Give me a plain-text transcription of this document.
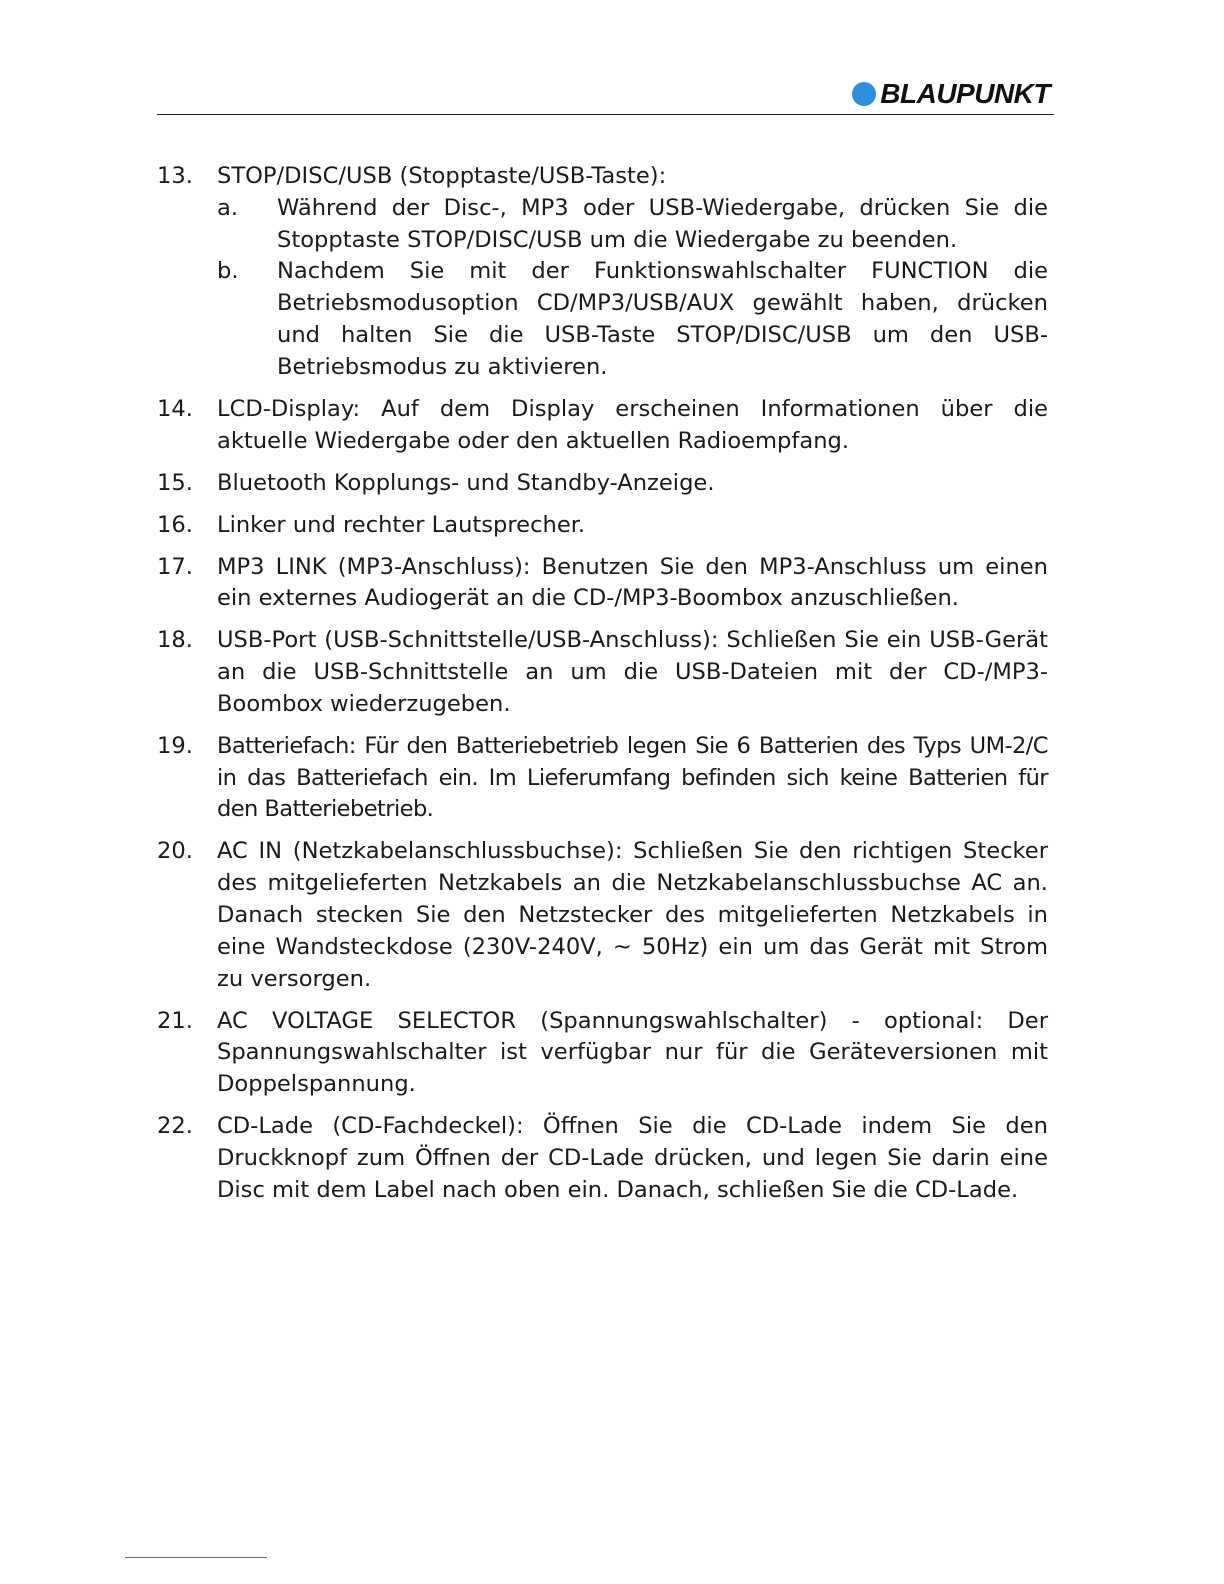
BLAUPUNKT
13.	STOP/DISC/USB (Stopptaste/USB-Taste):
a.	Während der Disc-, MP3 oder USB-Wiedergabe, drücken Sie die Stopptaste STOP/DISC/USB um die Wiedergabe zu beenden.
b.	Nachdem Sie mit der Funktionswahlschalter FUNCTION die Betriebsmodusoption CD/MP3/USB/AUX gewählt haben, drücken und halten Sie die USB-Taste STOP/DISC/USB um den USB-Betriebsmodus zu aktivieren.
14.	LCD-Display: Auf dem Display erscheinen Informationen über die aktuelle Wiedergabe oder den aktuellen Radioempfang.
15.	Bluetooth Kopplungs- und Standby-Anzeige.
16.	Linker und rechter Lautsprecher.
17.	MP3 LINK (MP3-Anschluss): Benutzen Sie den MP3-Anschluss um einen ein externes Audiogerät an die CD-/MP3-Boombox anzuschließen.
18.	USB-Port (USB-Schnittstelle/USB-Anschluss): Schließen Sie ein USB-Gerät an die USB-Schnittstelle an um die USB-Dateien mit der CD-/MP3-Boombox wiederzugeben.
19.	Batteriefach: Für den Batteriebetrieb legen Sie 6 Batterien des Typs UM-2/C in das Batteriefach ein. Im Lieferumfang befinden sich keine Batterien für den Batteriebetrieb.
20.	AC IN (Netzkabelanschlussbuchse): Schließen Sie den richtigen Stecker des mitgelieferten Netzkabels an die Netzkabelanschlussbuchse AC an. Danach stecken Sie den Netzstecker des mitgelieferten Netzkabels in eine Wandsteckdose (230V-240V, ~ 50Hz) ein um das Gerät mit Strom zu versorgen.
21.	AC VOLTAGE SELECTOR (Spannungswahlschalter) - optional: Der Spannungswahlschalter ist verfügbar nur für die Geräteversionen mit Doppelspannung.
22.	CD-Lade (CD-Fachdeckel): Öffnen Sie die CD-Lade indem Sie den Druckknopf zum Öffnen der CD-Lade drücken, und legen Sie darin eine Disc mit dem Label nach oben ein. Danach, schließen Sie die CD-Lade.
